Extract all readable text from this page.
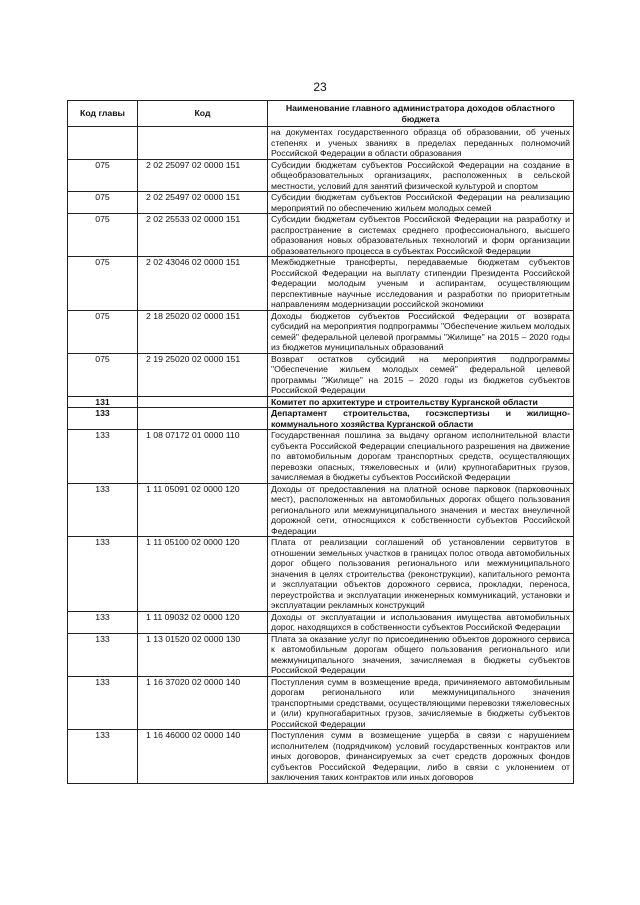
23
Код главы	Код	Наименование главного администратора доходов областного бюджета
		на документах государственного образца об образовании, об ученых степенях и ученых званиях в пределах переданных полномочий Российской Федерации в области образования
075	2 02 25097 02 0000 151	Субсидии бюджетам субъектов Российской Федерации на создание в общеобразовательных организациях, расположенных в сельской местности, условий для занятий физической культурой и спортом
075	2 02 25497 02 0000 151	Субсидии бюджетам субъектов Российской Федерации на реализацию мероприятий по обеспечению жильем молодых семей
075	2 02 25533 02 0000 151	Субсидии бюджетам субъектов Российской Федерации на разработку и распространение в системах среднего профессионального, высшего образования новых образовательных технологий и форм организации образовательного процесса в субъектах Российской Федерации
075	2 02 43046 02 0000 151	Межбюджетные трансферты, передаваемые бюджетам субъектов Российской Федерации на выплату стипендии Президента Российской Федерации молодым ученым и аспирантам, осуществляющим перспективные научные исследования и разработки по приоритетным направлениям модернизации российской экономики
075	2 18 25020 02 0000 151	Доходы бюджетов субъектов Российской Федерации от возврата субсидий на мероприятия подпрограммы "Обеспечение жильем молодых семей" федеральной целевой программы "Жилище" на 2015 – 2020 годы из бюджетов муниципальных образований
075	2 19 25020 02 0000 151	Возврат остатков субсидий на мероприятия подпрограммы "Обеспечение жильем молодых семей" федеральной целевой программы "Жилище" на 2015 – 2020 годы из бюджетов субъектов Российской Федерации
131		Комитет по архитектуре и строительству Курганской области
133		Департамент строительства, госэкспертизы и жилищно-коммунального хозяйства Курганской области
133	1 08 07172 01 0000 110	Государственная пошлина за выдачу органом исполнительной власти субъекта Российской Федерации специального разрешения на движение по автомобильным дорогам транспортных средств, осуществляющих перевозки опасных, тяжеловесных и (или) крупногабаритных грузов, зачисляемая в бюджеты субъектов Российской Федерации
133	1 11 05091 02 0000 120	Доходы от предоставления на платной основе парковок (парковочных мест), расположенных на автомобильных дорогах общего пользования регионального или межмуниципального значения и местах внеуличной дорожной сети, относящихся к собственности субъектов Российской Федерации
133	1 11 05100 02 0000 120	Плата от реализации соглашений об установлении сервитутов в отношении земельных участков в границах полос отвода автомобильных дорог общего пользования регионального или межмуниципального значения в целях строительства (реконструкции), капитального ремонта и эксплуатации объектов дорожного сервиса, прокладки, переноса, переустройства и эксплуатации инженерных коммуникаций, установки и эксплуатации рекламных конструкций
133	1 11 09032 02 0000 120	Доходы от эксплуатации и использования имущества автомобильных дорог, находящихся в собственности субъектов Российской Федерации
133	1 13 01520 02 0000 130	Плата за оказание услуг по присоединению объектов дорожного сервиса к автомобильным дорогам общего пользования регионального или межмуниципального значения, зачисляемая в бюджеты субъектов Российской Федерации
133	1 16 37020 02 0000 140	Поступления сумм в возмещение вреда, причиняемого автомобильным дорогам регионального или межмуниципального значения транспортными средствами, осуществляющими перевозки тяжеловесных и (или) крупногабаритных грузов, зачисляемые в бюджеты субъектов Российской Федерации
133	1 16 46000 02 0000 140	Поступления сумм в возмещение ущерба в связи с нарушением исполнителем (подрядчиком) условий государственных контрактов или иных договоров, финансируемых за счет средств дорожных фондов субъектов Российской Федерации, либо в связи с уклонением от заключения таких контрактов или иных договоров
